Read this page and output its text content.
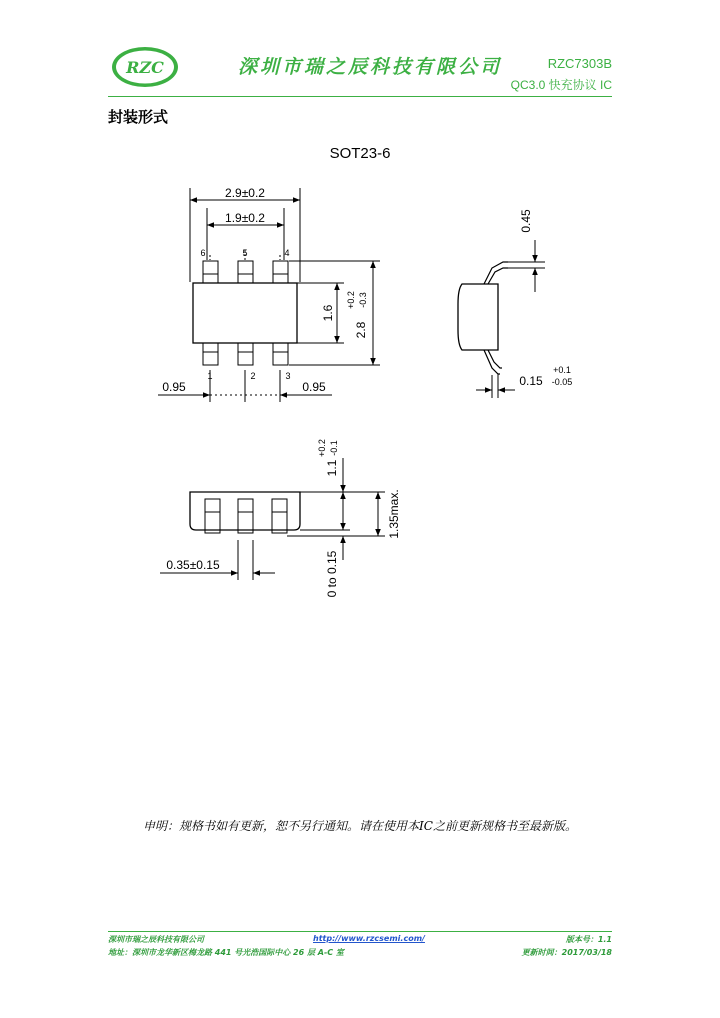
RZC	深圳市瑞之辰科技有限公司	RZC7303B
QC3.0 快充协议 IC
封装形式
SOT23-6
2.9±0.2
1.9±0.2
6	5	4
1	2	3
0.95	0.95
1.6
2.8
+0.2 -0.3
0.45
0.15
+0.1
-0.05
1.1
+0.2 -0.1
1.35max.
0 to 0.15
0.35±0.15
申明：规格书如有更新，恕不另行通知。请在使用本IC之前更新规格书至最新版。
深圳市瑞之辰科技有限公司	http://www.rzcsemi.com/	版本号：1.1
地址：深圳市龙华新区梅龙路 441 号光浩国际中心 26 层 A-C 室	更新时间：2017/03/18
